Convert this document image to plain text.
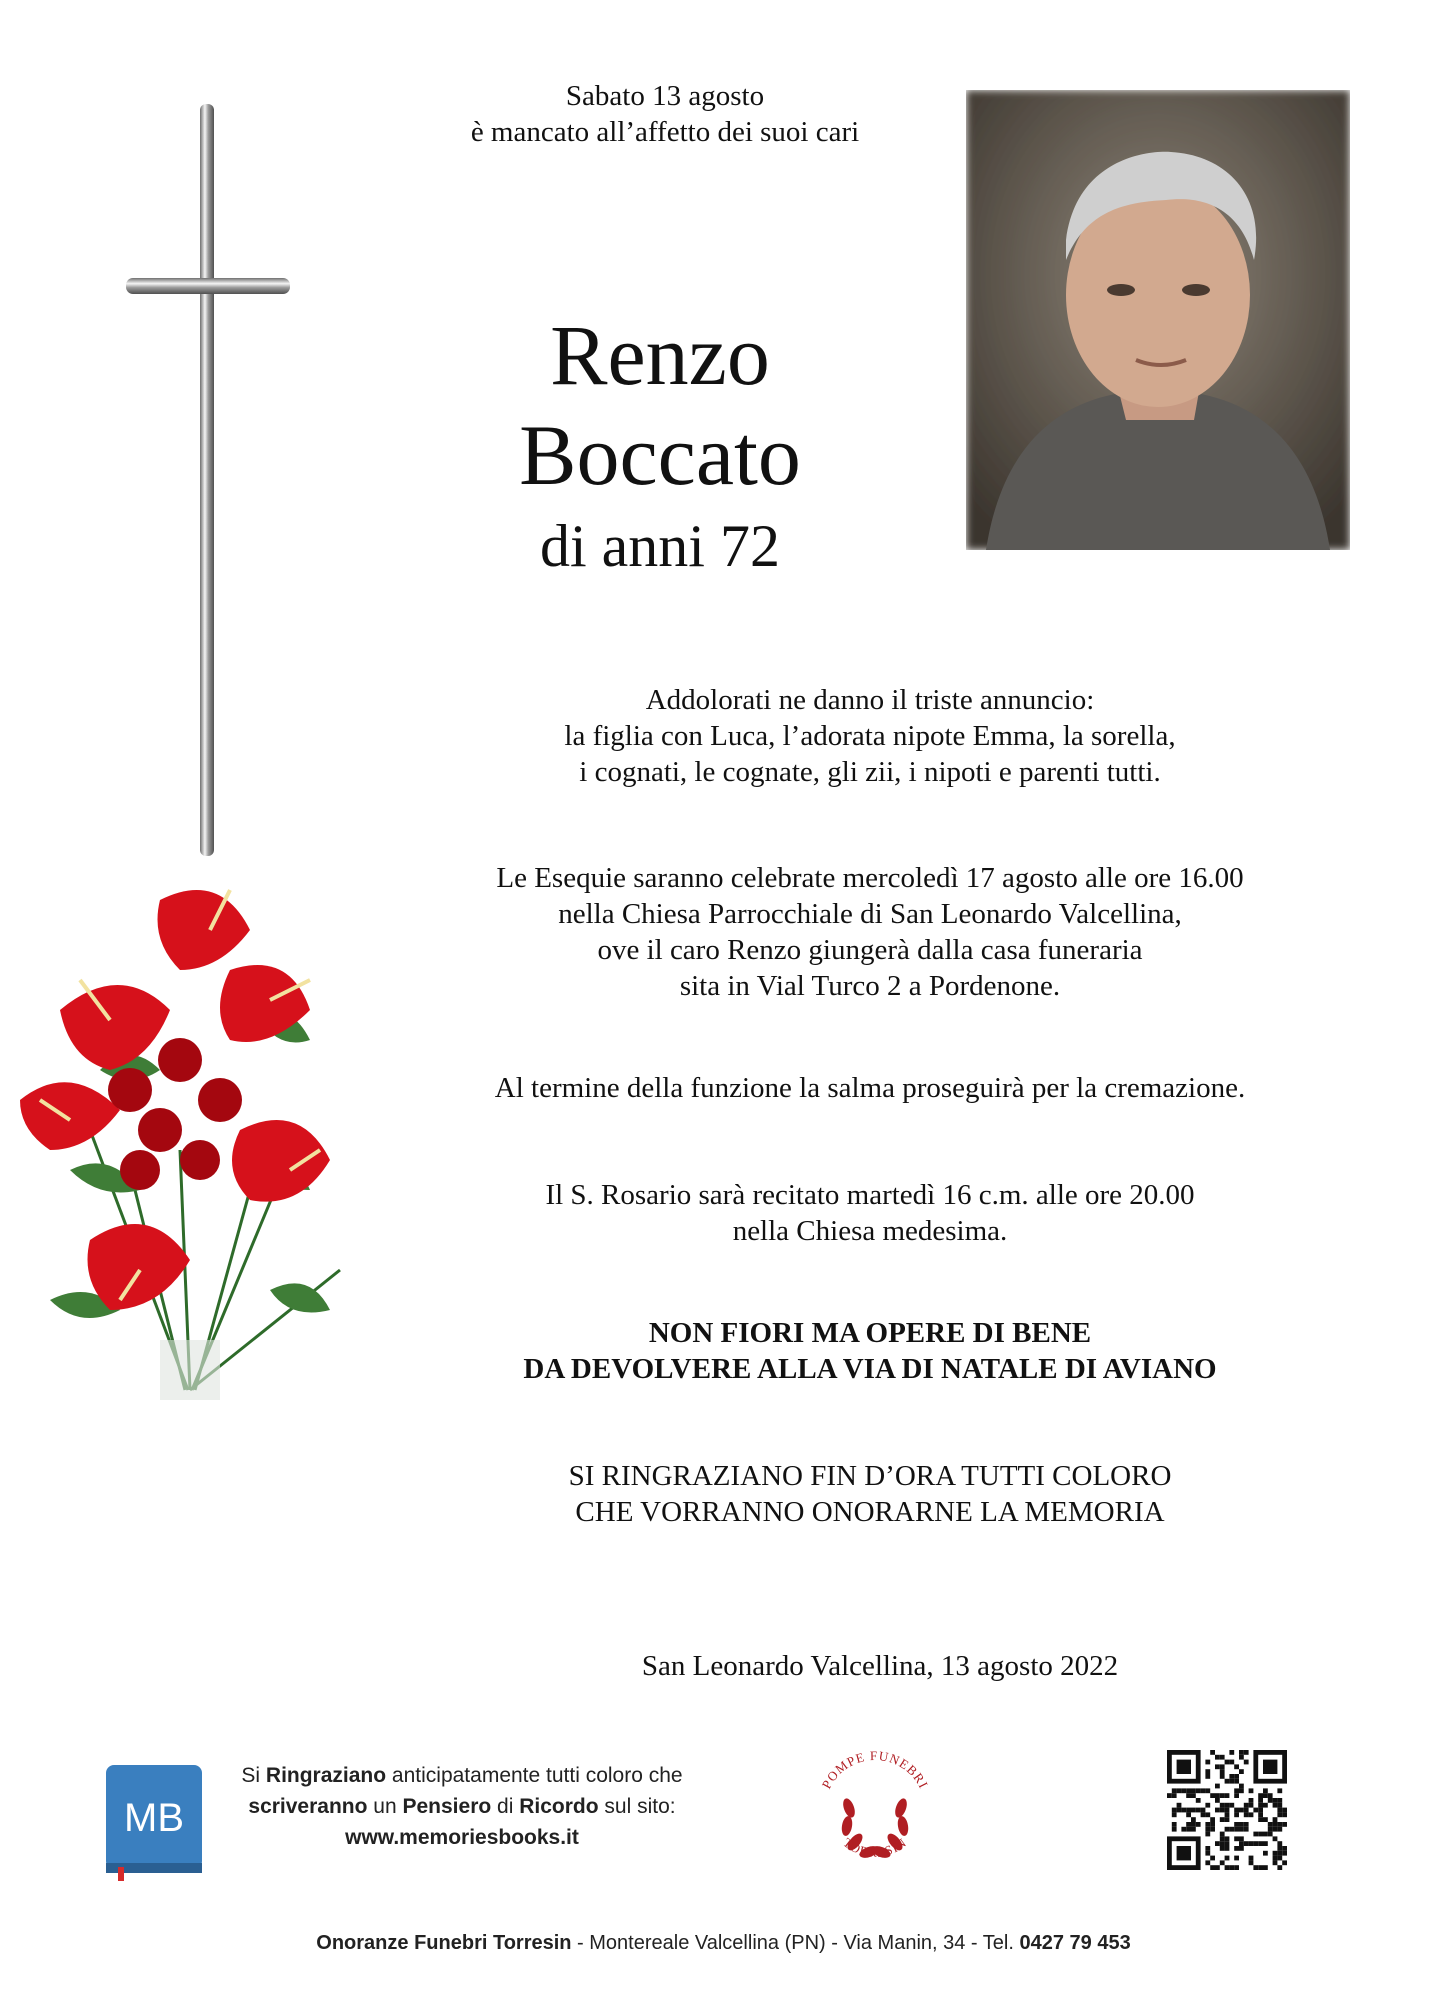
Sabato 13 agosto
è mancato all’affetto dei suoi cari
Renzo
Boccato
di anni 72
Addolorati ne danno il triste annuncio:
la figlia con Luca, l’adorata nipote Emma, la sorella,
i cognati, le cognate, gli zii, i nipoti e parenti tutti.
Le Esequie saranno celebrate mercoledì 17 agosto alle ore 16.00
nella Chiesa Parrocchiale di San Leonardo Valcellina,
ove il caro Renzo giungerà dalla casa funeraria
sita in Vial Turco 2 a Pordenone.
Al termine della funzione la salma proseguirà per la cremazione.
Il S. Rosario sarà recitato martedì 16 c.m. alle ore 20.00
nella Chiesa medesima.
NON FIORI MA OPERE DI BENE
DA DEVOLVERE ALLA VIA DI NATALE DI AVIANO
SI RINGRAZIANO FIN D’ORA TUTTI COLORO
CHE VORRANNO ONORARNE LA MEMORIA
San Leonardo Valcellina, 13 agosto 2022
MB
Si Ringraziano anticipatamente tutti coloro che
scriveranno un Pensiero di Ricordo sul sito:
www.memoriesbooks.it
POMPE FUNEBRI
TORRESIN
Onoranze Funebri Torresin - Montereale Valcellina (PN) - Via Manin, 34 - Tel. 0427 79 453
